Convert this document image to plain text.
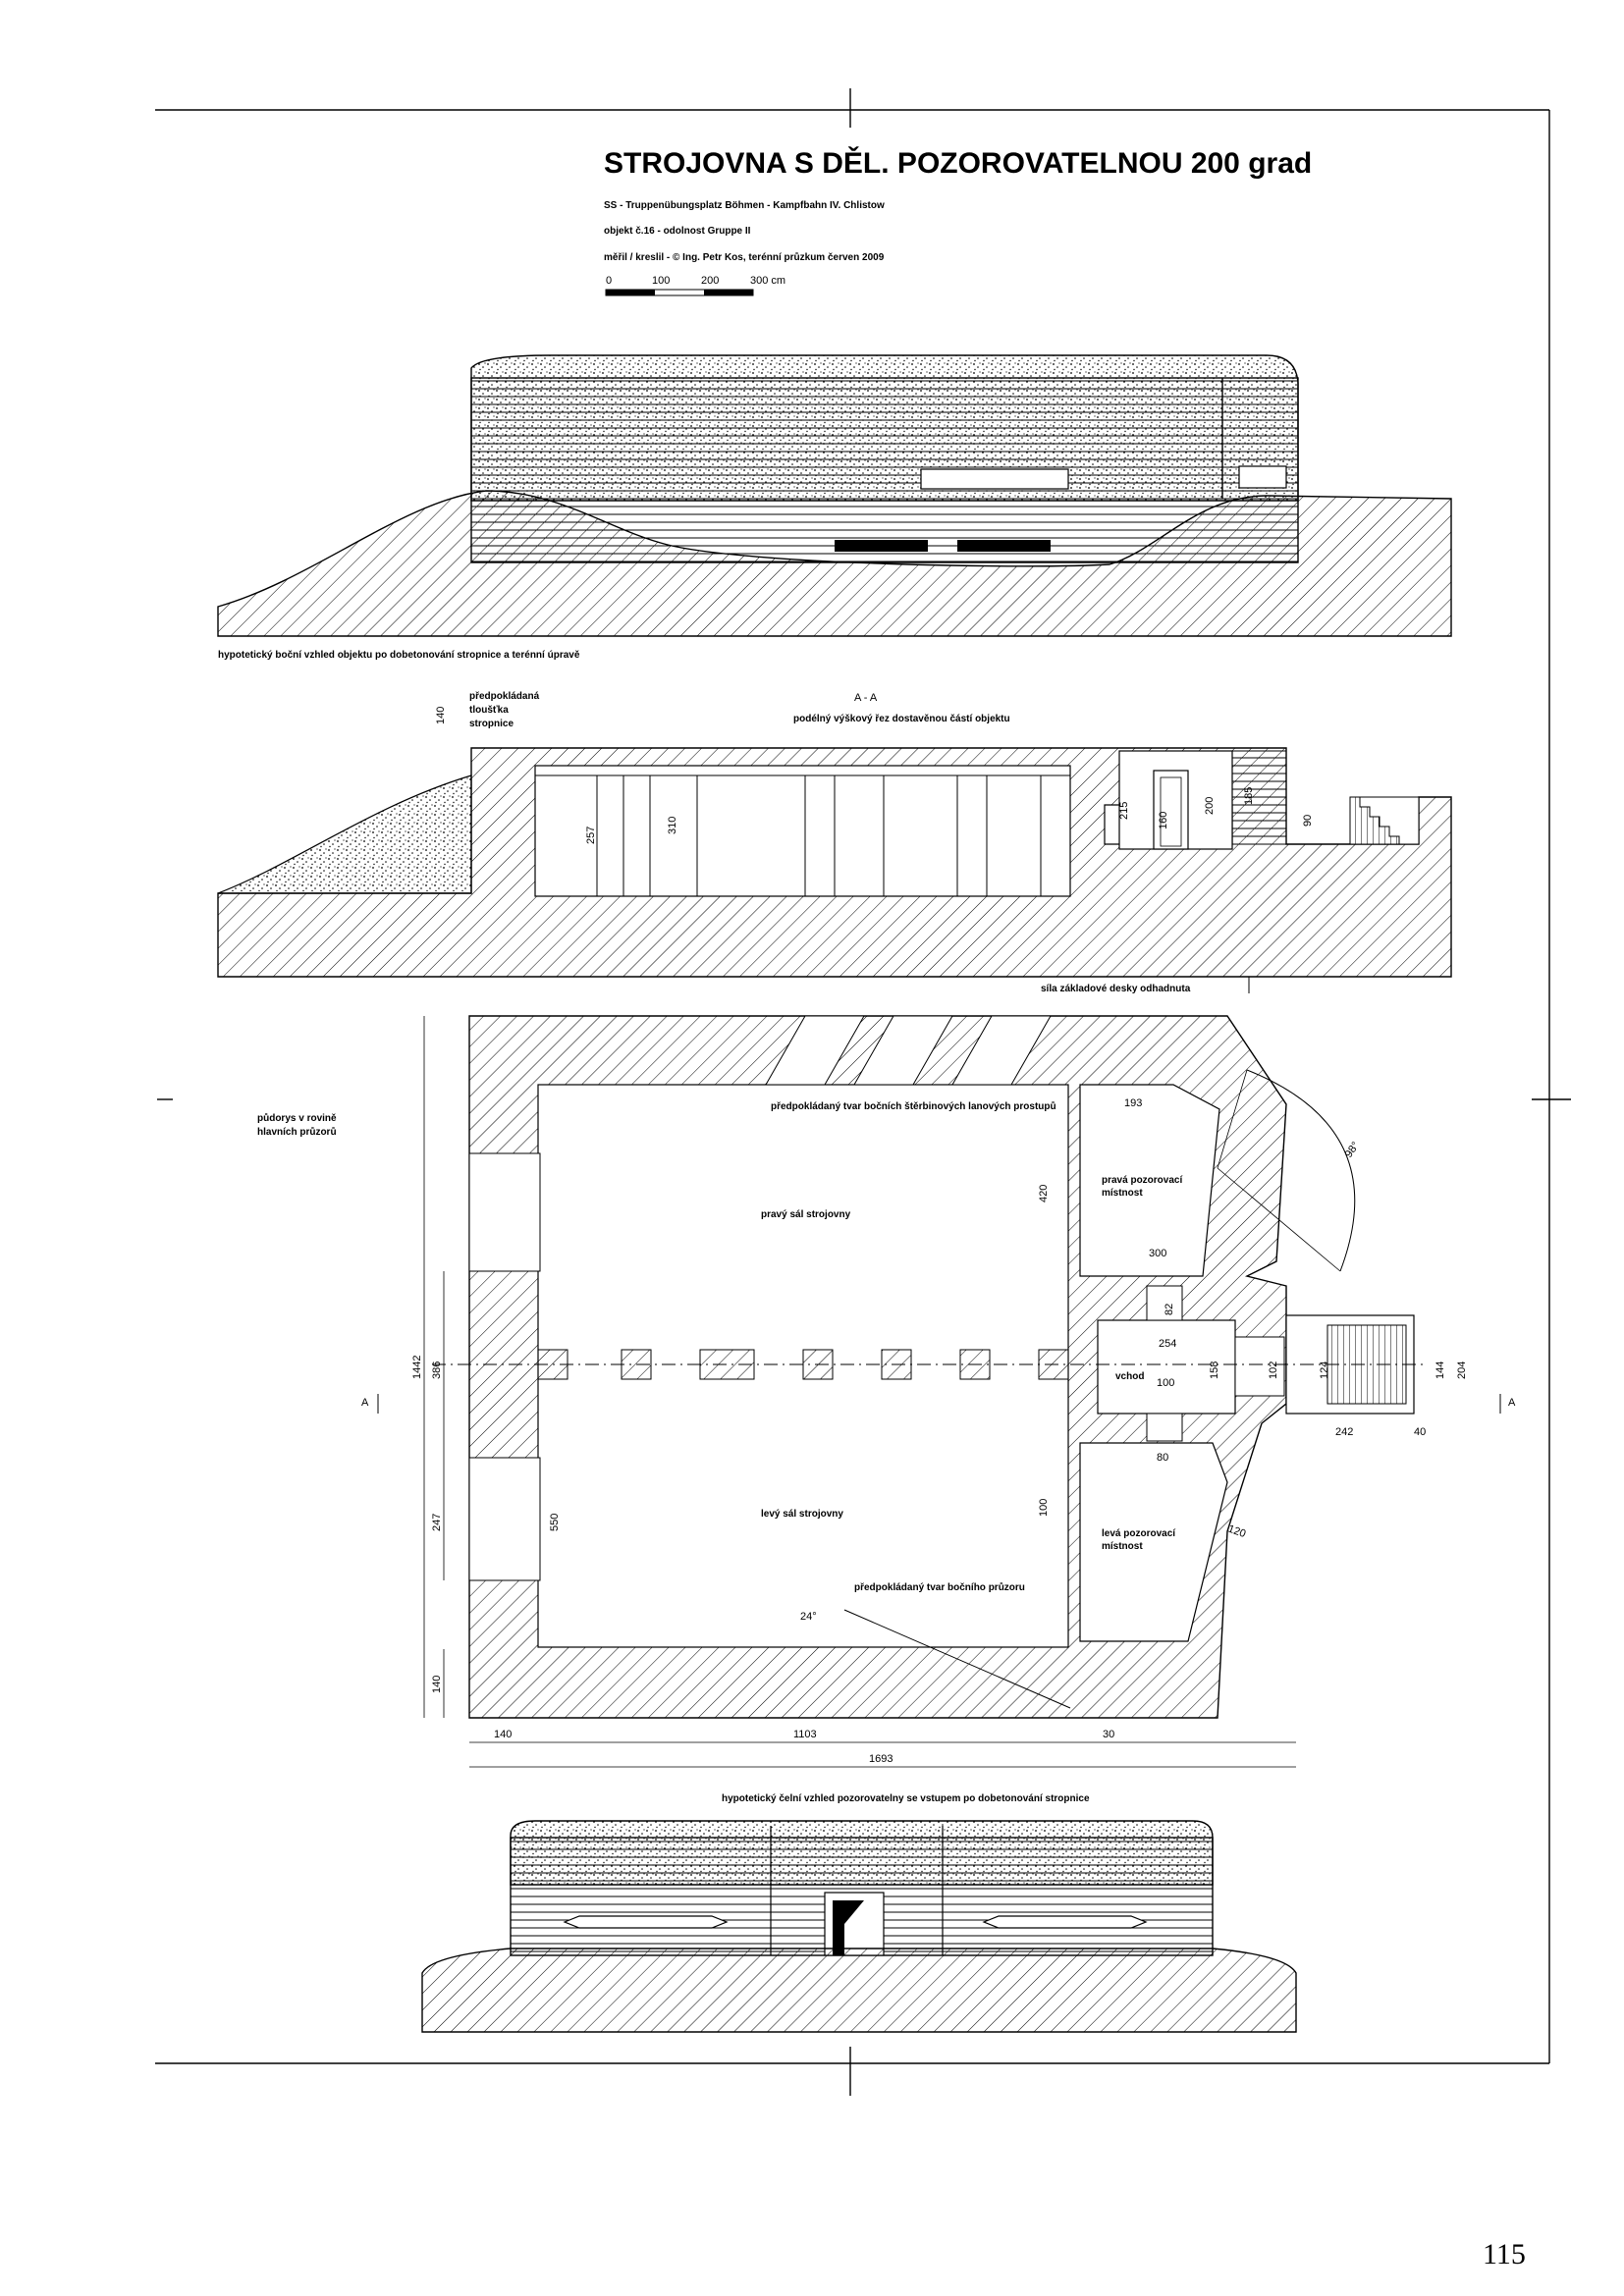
STROJOVNA S DĚL. POZOROVATELNOU 200 grad
SS - Truppenübungsplatz Böhmen - Kampfbahn IV. Chlistow
objekt č.16 - odolnost Gruppe II
měřil / kreslil - © Ing. Petr Kos, terénní průzkum červen 2009
0	100	200	300 cm
hypotetický boční vzhled objektu po dobetonování stropnice a terénní úpravě
A - A
podélný výškový řez dostavěnou částí objektu
předpokládaná
tloušťka
stropnice
síla základové desky odhadnuta
140
257
310
215
160
200
185
90
půdorys v rovině
hlavních průzorů
předpokládaný tvar bočních štěrbinových lanových prostupů
předpokládaný tvar bočního průzoru
pravý sál strojovny
levý sál strojovny
pravá pozorovací
místnost
levá pozorovací
místnost
vchod
A	A
193
420
300
98°
82
254
100
158	102	124	144 204
242	40
80
100
120
24°
1442 386
247	550
140
140	1103	30
1693
hypotetický čelní vzhled pozorovatelny se vstupem po dobetonování stropnice
115
